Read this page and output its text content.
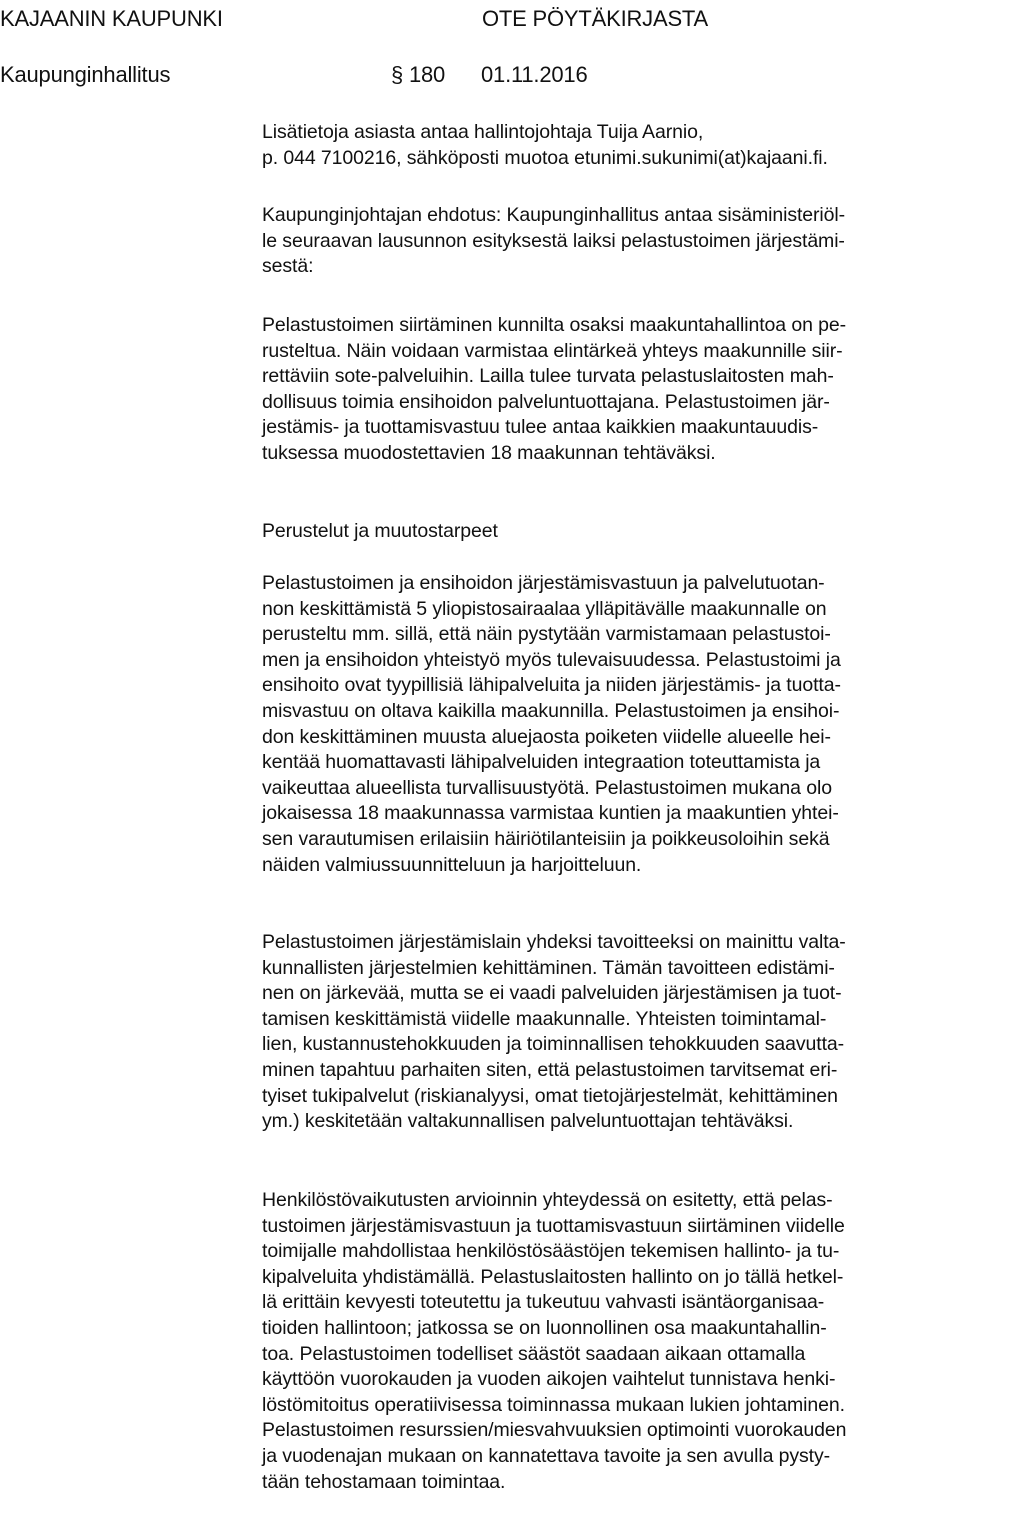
KAJAANIN KAUPUNKI	OTE PÖYTÄKIRJASTA
Kaupunginhallitus	§ 180 01.11.2016

Lisätietoja asiasta antaa hallintojohtaja Tuija Aarnio,
p. 044 7100216, sähköposti muotoa etunimi.sukunimi(at)kajaani.fi.

Kaupunginjohtajan ehdotus: Kaupunginhallitus antaa sisäministeriöl-
le seuraavan lausunnon esityksestä laiksi pelastustoimen järjestämi-
sestä:

Pelastustoimen siirtäminen kunnilta osaksi maakuntahallintoa on pe-
rusteltua. Näin voidaan varmistaa elintärkeä yhteys maakunnille siir-
rettäviin sote-palveluihin. Lailla tulee turvata pelastuslaitosten mah-
dollisuus toimia ensihoidon palveluntuottajana. Pelastustoimen jär-
jestämis- ja tuottamisvastuu tulee antaa kaikkien maakuntauudis-
tuksessa muodostettavien 18 maakunnan tehtäväksi.

Perustelut ja muutostarpeet

Pelastustoimen ja ensihoidon järjestämisvastuun ja palvelutuotan-
non keskittämistä 5 yliopistosairaalaa ylläpitävälle maakunnalle on
perusteltu mm. sillä, että näin pystytään varmistamaan pelastustoi-
men ja ensihoidon yhteistyö myös tulevaisuudessa. Pelastustoimi ja
ensihoito ovat tyypillisiä lähipalveluita ja niiden järjestämis- ja tuotta-
misvastuu on oltava kaikilla maakunnilla. Pelastustoimen ja ensihoi-
don keskittäminen muusta aluejaosta poiketen viidelle alueelle hei-
kentää huomattavasti lähipalveluiden integraation toteuttamista ja
vaikeuttaa alueellista turvallisuustyötä. Pelastustoimen mukana olo
jokaisessa 18 maakunnassa varmistaa kuntien ja maakuntien yhtei-
sen varautumisen erilaisiin häiriötilanteisiin ja poikkeusoloihin sekä
näiden valmiussuunnitteluun ja harjoitteluun.

Pelastustoimen järjestämislain yhdeksi tavoitteeksi on mainittu valta-
kunnallisten järjestelmien kehittäminen. Tämän tavoitteen edistämi-
nen on järkevää, mutta se ei vaadi palveluiden järjestämisen ja tuot-
tamisen keskittämistä viidelle maakunnalle. Yhteisten toimintamal-
lien, kustannustehokkuuden ja toiminnallisen tehokkuuden saavutta-
minen tapahtuu parhaiten siten, että pelastustoimen tarvitsemat eri-
tyiset tukipalvelut (riskianalyysi, omat tietojärjestelmät, kehittäminen
ym.) keskitetään valtakunnallisen palveluntuottajan tehtäväksi.

Henkilöstövaikutusten arvioinnin yhteydessä on esitetty, että pelas-
tustoimen järjestämisvastuun ja tuottamisvastuun siirtäminen viidelle
toimijalle mahdollistaa henkilöstösäästöjen tekemisen hallinto- ja tu-
kipalveluita yhdistämällä. Pelastuslaitosten hallinto on jo tällä hetkel-
lä erittäin kevyesti toteutettu ja tukeutuu vahvasti isäntäorganisaa-
tioiden hallintoon; jatkossa se on luonnollinen osa maakuntahallin-
toa. Pelastustoimen todelliset säästöt saadaan aikaan ottamalla
käyttöön vuorokauden ja vuoden aikojen vaihtelut tunnistava henki-
löstömitoitus operatiivisessa toiminnassa mukaan lukien johtaminen.
Pelastustoimen resurssien/miesvahvuuksien optimointi vuorokauden
ja vuodenajan mukaan on kannatettava tavoite ja sen avulla pysty-
tään tehostamaan toimintaa.
